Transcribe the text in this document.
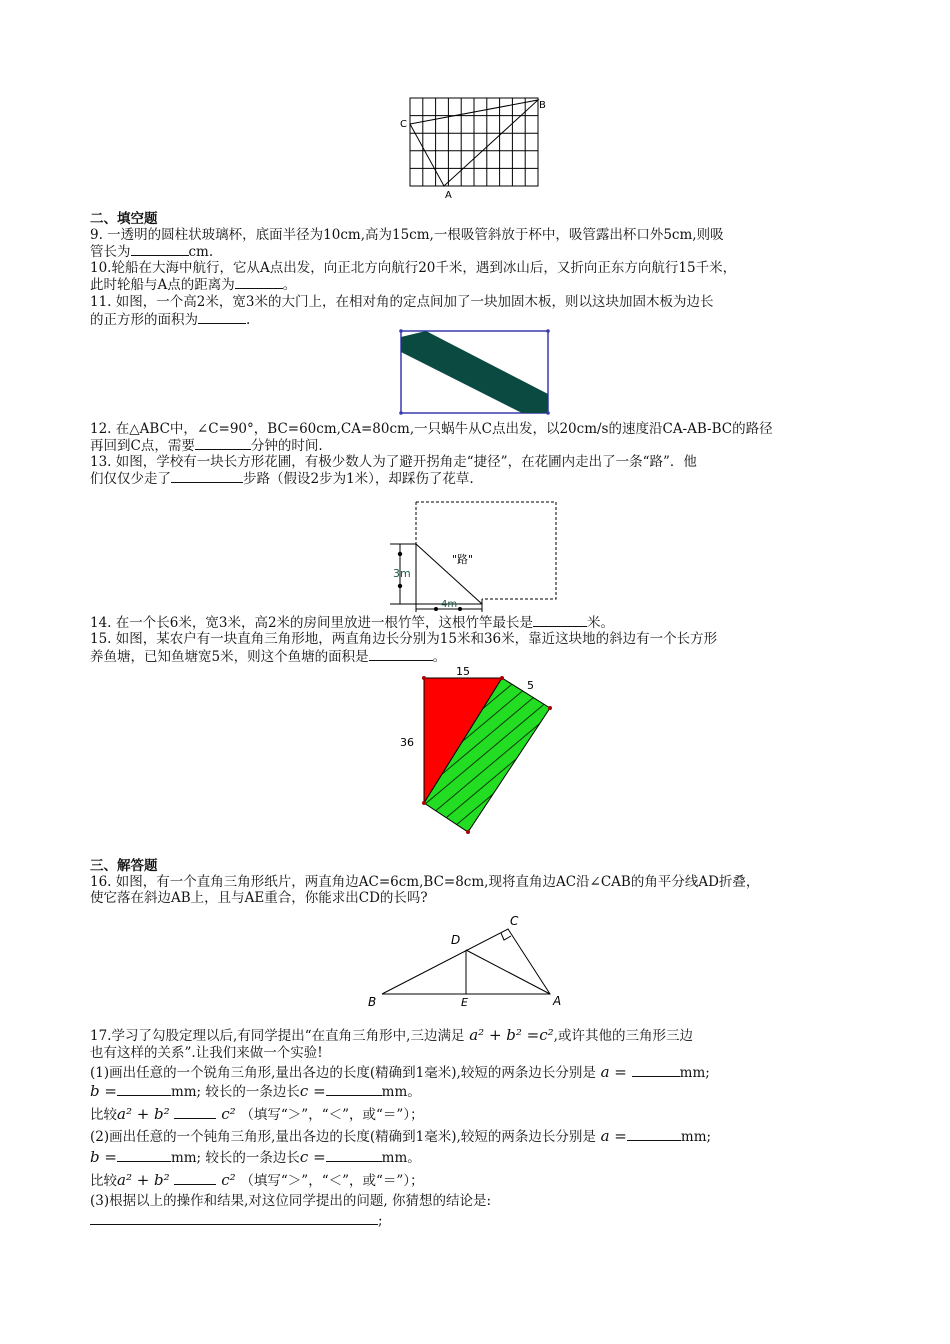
B
C
A
二、填空题
9. 一透明的圆柱状玻璃杯，底面半径为10cm,高为15cm,一根吸管斜放于杯中，吸管露出杯口外5cm,则吸
管长为	cm.
10.轮船在大海中航行，它从A点出发，向正北方向航行20千米，遇到冰山后，又折向正东方向航行15千米，
此时轮船与A点的距离为	。
11. 如图，一个高2米，宽3米的大门上，在相对角的定点间加了一块加固木板，则以这块加固木板为边长
的正方形的面积为	.
12. 在△ABC中，∠C=90°，BC=60cm,CA=80cm,一只蜗牛从C点出发，以20cm/s的速度沿CA-AB-BC的路径
再回到C点，需要	分钟的时间.
13. 如图，学校有一块长方形花圃，有极少数人为了避开拐角走“捷径”，在花圃内走出了一条“路”．他
们仅仅少走了	步路（假设2步为1米），却踩伤了花草.
"路"
3m
4m
14. 在一个长6米，宽3米，高2米的房间里放进一根竹竿，这根竹竿最长是	米。
15. 如图，某农户有一块直角三角形地，两直角边长分别为15米和36米，靠近这块地的斜边有一个长方形
养鱼塘，已知鱼塘宽5米，则这个鱼塘的面积是	。
15
36
5
三、解答题
16. 如图，有一个直角三角形纸片，两直角边AC=6cm,BC=8cm,现将直角边AC沿∠CAB的角平分线AD折叠，
使它落在斜边AB上，且与AE重合，你能求出CD的长吗?
B	E	A
D
C
17.学习了勾股定理以后,有同学提出“在直角三角形中,三边满足 a² + b² =c²,或许其他的三角形三边
也有这样的关系”.让我们来做一个实验!
(1)画出任意的一个锐角三角形,量出各边的长度(精确到1毫米),较短的两条边长分别是 a =	mm;
b =	mm; 较长的一条边长c =	mm。
比较a² + b²	c² （填写“＞”，“＜”，或“＝”）；
(2)画出任意的一个钝角三角形,量出各边的长度(精确到1毫米),较短的两条边长分别是 a =	mm;
b =	mm; 较长的一条边长c =	mm。
比较a² + b²	c² （填写“＞”，“＜”，或“＝”）；
(3)根据以上的操作和结果,对这位同学提出的问题, 你猜想的结论是:
;
